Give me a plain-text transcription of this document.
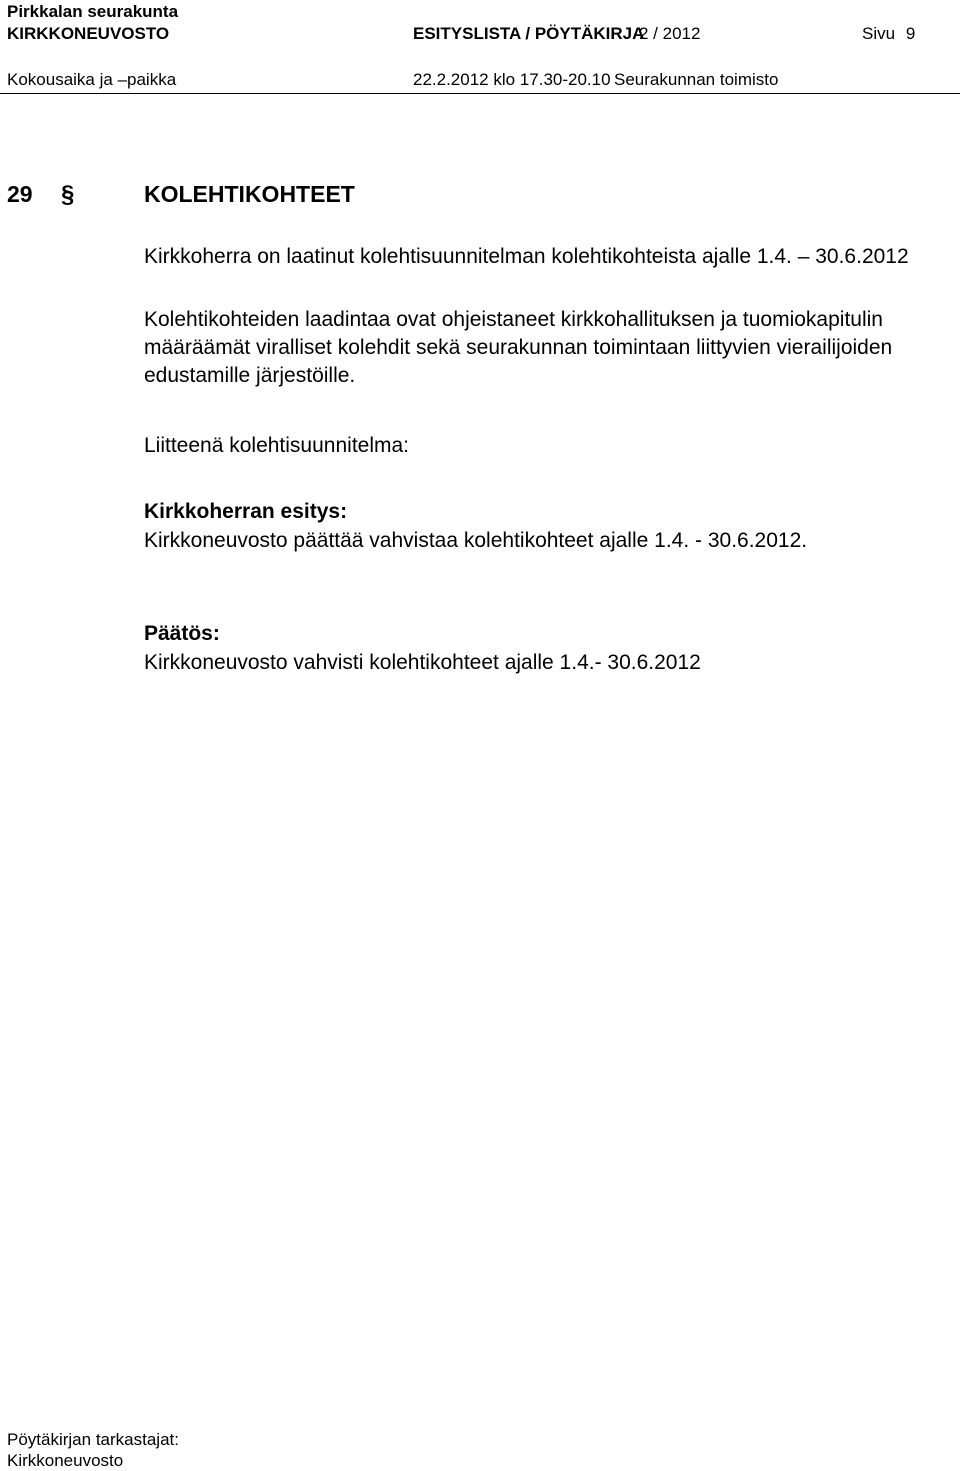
Pirkkalan seurakunta
KIRKKONEUVOSTO	ESITYSLISTA / PÖYTÄKIRJA
2 / 2012	Sivu 9
Kokousaika ja –paikka	22.2.2012 klo 17.30-20.10 Seurakunnan toimisto
29 §	KOLEHTIKOHTEET
Kirkkoherra on laatinut kolehtisuunnitelman kolehtikohteista ajalle 1.4. – 30.6.2012
Kolehtikohteiden laadintaa ovat ohjeistaneet kirkkohallituksen ja tuomiokapitulin
määräämät viralliset kolehdit sekä seurakunnan toimintaan liittyvien vierailijoiden
edustamille järjestöille.
Liitteenä kolehtisuunnitelma:
Kirkkoherran esitys:
Kirkkoneuvosto päättää vahvistaa kolehtikohteet ajalle 1.4. - 30.6.2012.
Päätös:
Kirkkoneuvosto vahvisti kolehtikohteet ajalle 1.4.- 30.6.2012
Pöytäkirjan tarkastajat:
Kirkkoneuvosto
